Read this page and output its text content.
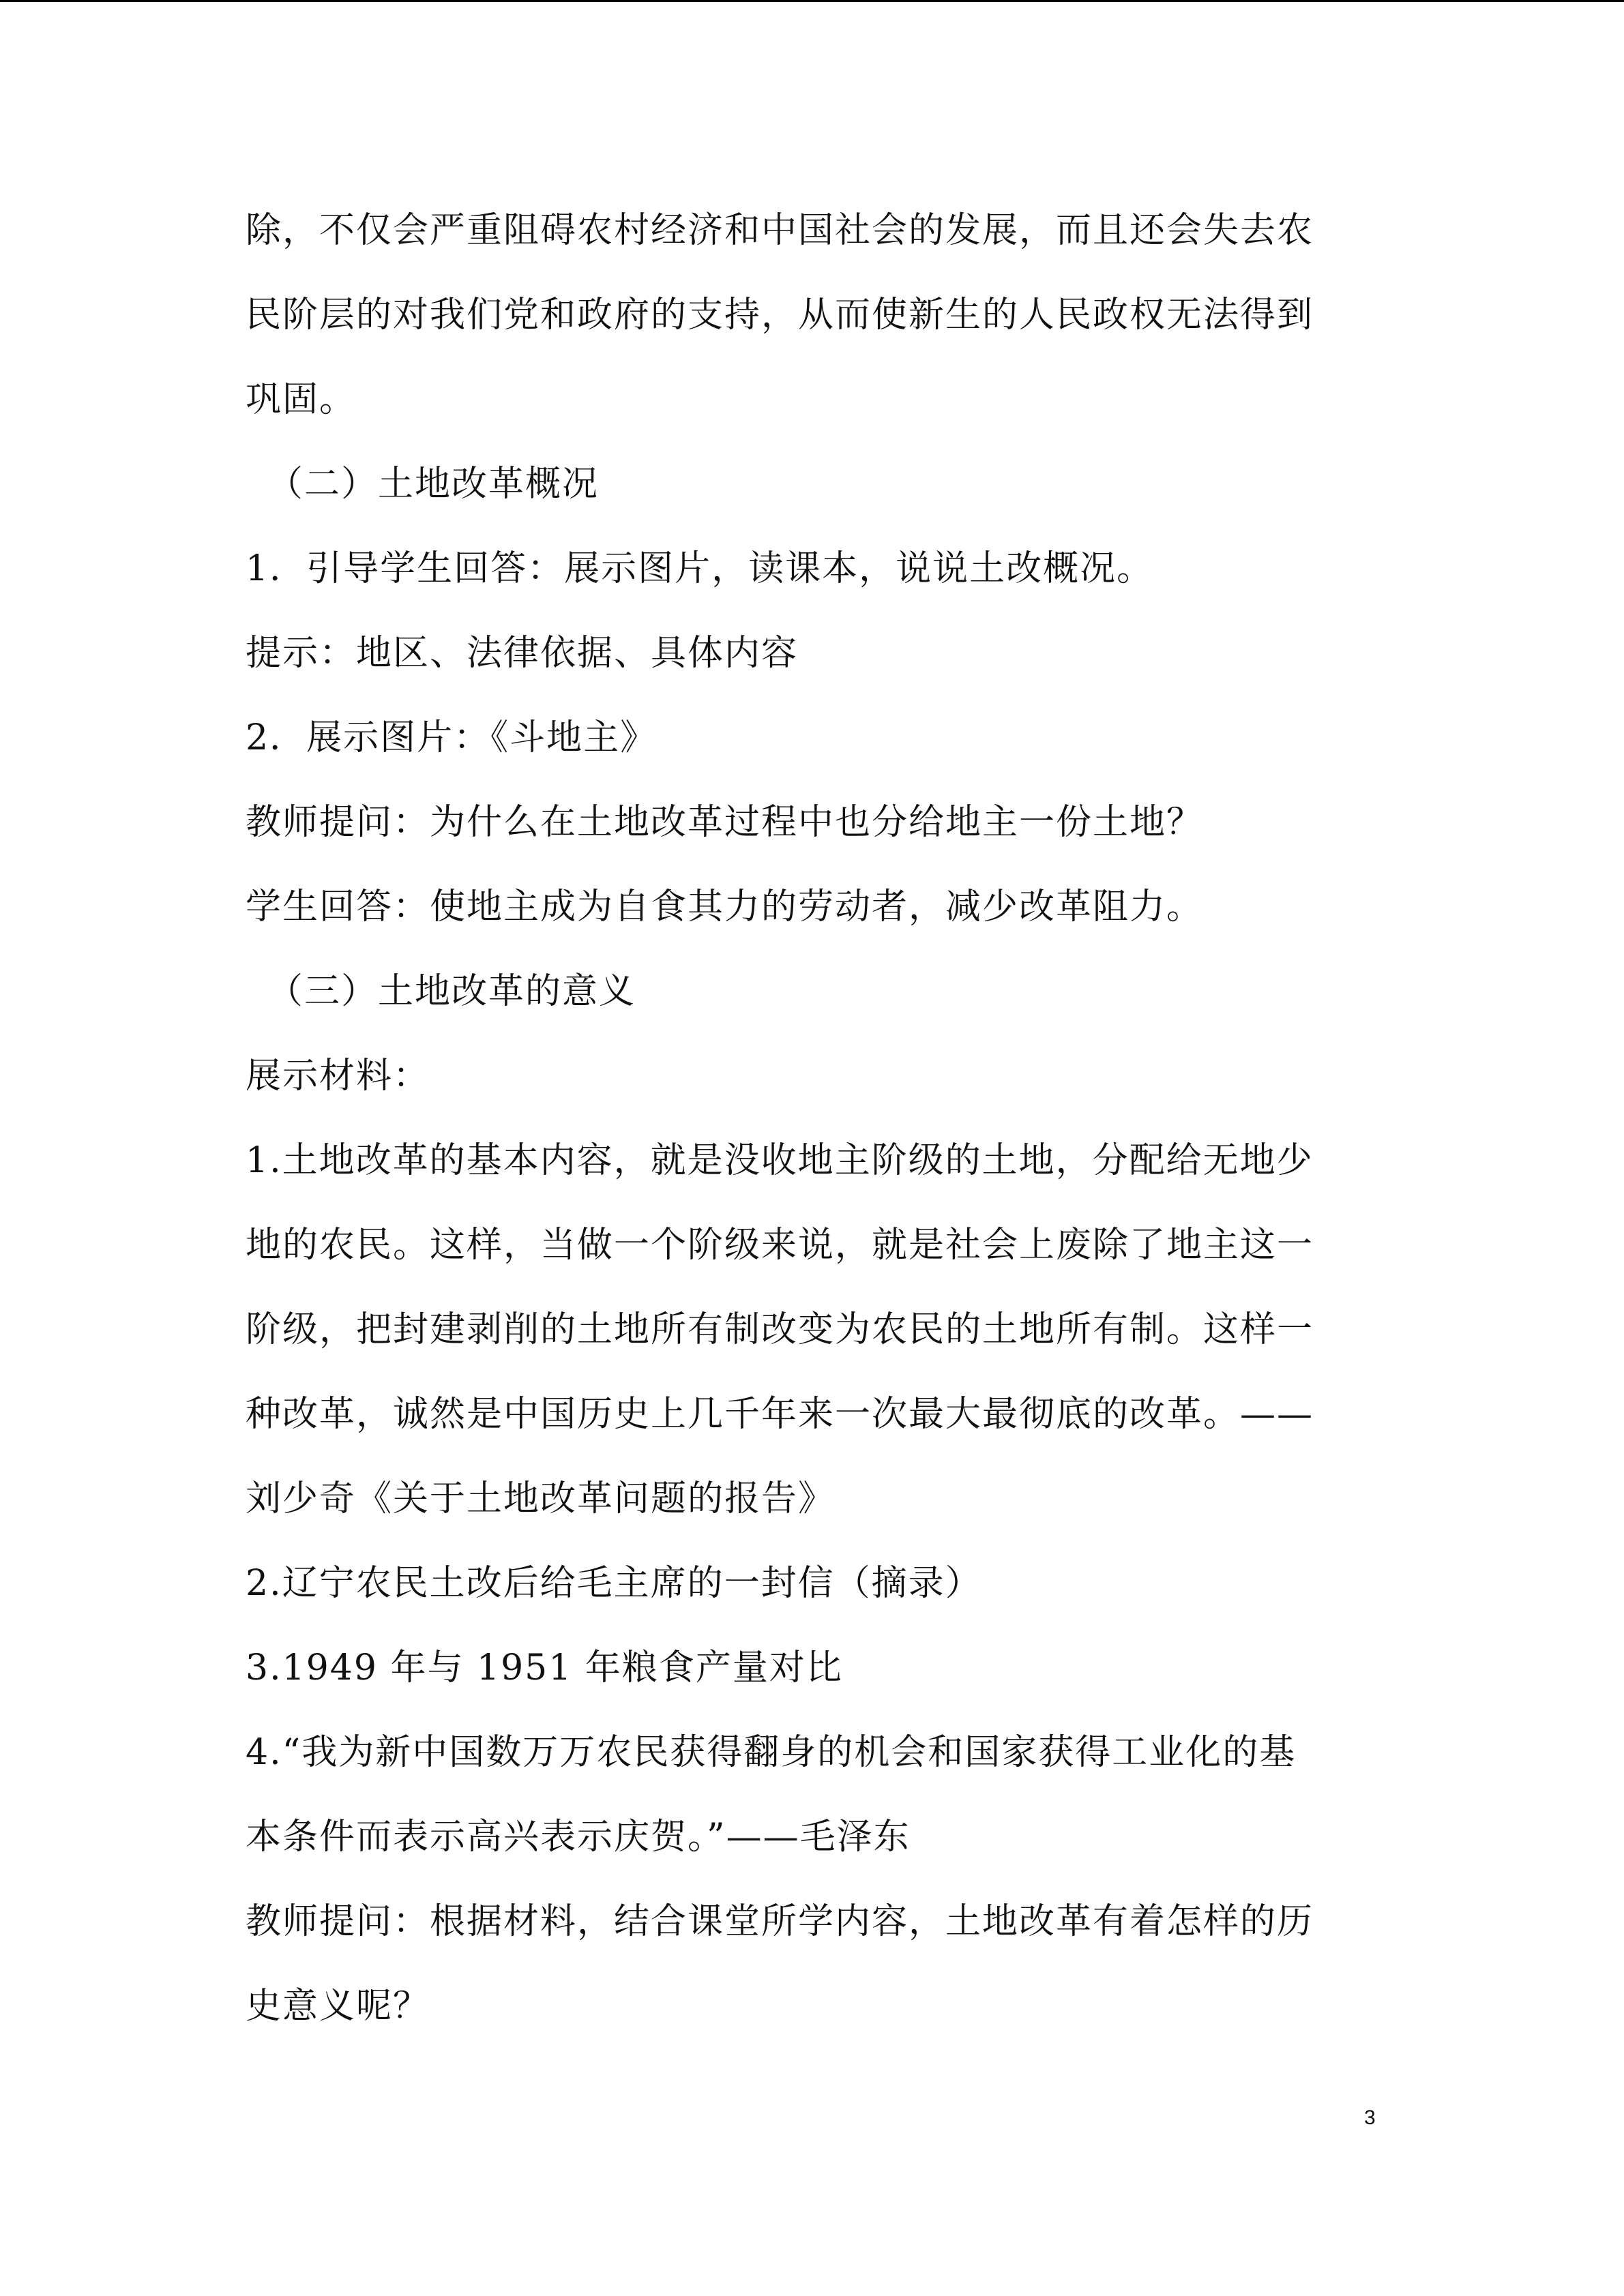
除，不仅会严重阻碍农村经济和中国社会的发展，而且还会失去农
民阶层的对我们党和政府的支持，从而使新生的人民政权无法得到
巩固。
（二）土地改革概况
1．引导学生回答：展示图片，读课本，说说土改概况。
提示：地区、法律依据、具体内容
2．展示图片：《斗地主》
教师提问：为什么在土地改革过程中也分给地主一份土地？
学生回答：使地主成为自食其力的劳动者，减少改革阻力。
（三）土地改革的意义
展示材料：
1.土地改革的基本内容，就是没收地主阶级的土地，分配给无地少
地的农民。这样，当做一个阶级来说，就是社会上废除了地主这一
阶级，把封建剥削的土地所有制改变为农民的土地所有制。这样一
种改革，诚然是中国历史上几千年来一次最大最彻底的改革。——
刘少奇《关于土地改革问题的报告》
2.辽宁农民土改后给毛主席的一封信（摘录）
3.1949 年与 1951 年粮食产量对比
4.“我为新中国数万万农民获得翻身的机会和国家获得工业化的基
本条件而表示高兴表示庆贺。”——毛泽东
教师提问：根据材料，结合课堂所学内容，土地改革有着怎样的历
史意义呢？
3
